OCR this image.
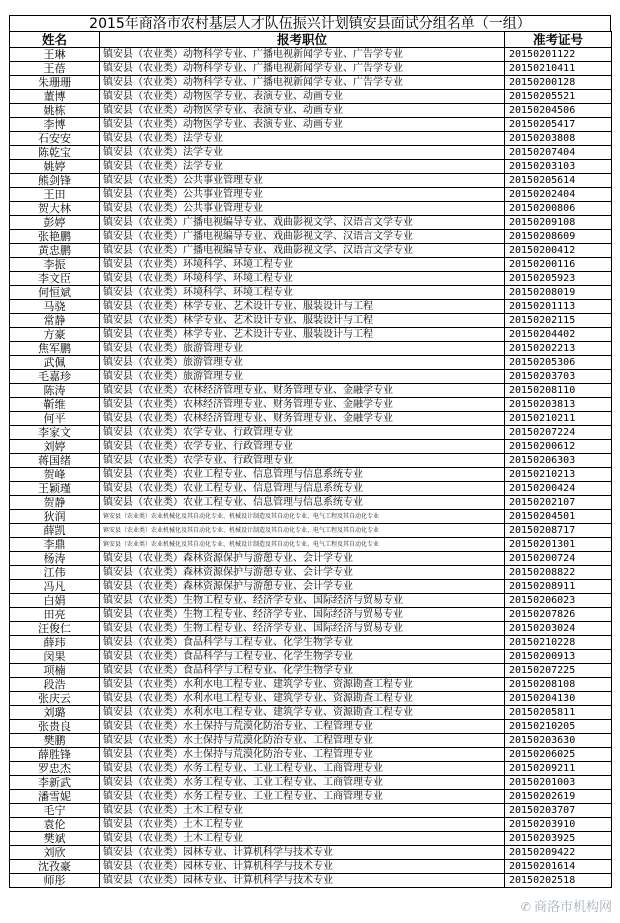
2015年商洛市农村基层人才队伍振兴计划镇安县面试分组名单（一组）
姓名	报考职位	准考证号
王琳	镇安县（农业类）动物科学专业、广播电视新闻学专业、广告学专业	20150201122
王蓓	镇安县（农业类）动物科学专业、广播电视新闻学专业、广告学专业	20150210411
朱珊珊	镇安县（农业类）动物科学专业、广播电视新闻学专业、广告学专业	20150200128
董博	镇安县（农业类）动物医学专业、表演专业、动画专业	20150205521
姚栋	镇安县（农业类）动物医学专业、表演专业、动画专业	20150204506
李博	镇安县（农业类）动物医学专业、表演专业、动画专业	20150205417
石安安	镇安县（农业类）法学专业	20150203808
陈乾宝	镇安县（农业类）法学专业	20150207404
姚婷	镇安县（农业类）法学专业	20150203103
熊剑锋	镇安县（农业类）公共事业管理专业	20150205614
王田	镇安县（农业类）公共事业管理专业	20150202404
贺大林	镇安县（农业类）公共事业管理专业	20150200806
彭婷	镇安县（农业类）广播电视编导专业、戏曲影视文学、汉语言文学专业	20150209108
张艳鹏	镇安县（农业类）广播电视编导专业、戏曲影视文学、汉语言文学专业	20150208609
黄忠鹏	镇安县（农业类）广播电视编导专业、戏曲影视文学、汉语言文学专业	20150200412
李振	镇安县（农业类）环境科学、环境工程专业	20150200116
李文臣	镇安县（农业类）环境科学、环境工程专业	20150205923
何恒斌	镇安县（农业类）环境科学、环境工程专业	20150208019
马骁	镇安县（农业类）林学专业、艺术设计专业、服装设计与工程	20150201113
常静	镇安县（农业类）林学专业、艺术设计专业、服装设计与工程	20150202115
方豪	镇安县（农业类）林学专业、艺术设计专业、服装设计与工程	20150204402
焦军鹏	镇安县（农业类）旅游管理专业	20150202213
武佩	镇安县（农业类）旅游管理专业	20150205306
毛嘉珍	镇安县（农业类）旅游管理专业	20150203703
陈涛	镇安县（农业类）农林经济管理专业、财务管理专业、金融学专业	20150208110
靳维	镇安县（农业类）农林经济管理专业、财务管理专业、金融学专业	20150203813
何平	镇安县（农业类）农林经济管理专业、财务管理专业、金融学专业	20150210211
李家文	镇安县（农业类）农学专业、行政管理专业	20150207224
刘婷	镇安县（农业类）农学专业、行政管理专业	20150200612
蒋国绪	镇安县（农业类）农学专业、行政管理专业	20150206303
贺峰	镇安县（农业类）农业工程专业、信息管理与信息系统专业	20150210213
王颖瑾	镇安县（农业类）农业工程专业、信息管理与信息系统专业	20150200424
贺静	镇安县（农业类）农业工程专业、信息管理与信息系统专业	20150202107
狄润	镇安县（农业类）农业机械化及其自动化专业、机械设计制造及其自动化专业、电气工程及其自动化专业	20150204501
薛凯	镇安县（农业类）农业机械化及其自动化专业、机械设计制造及其自动化专业、电气工程及其自动化专业	20150208717
李鼎	镇安县（农业类）农业机械化及其自动化专业、机械设计制造及其自动化专业、电气工程及其自动化专业	20150201301
杨涛	镇安县（农业类）森林资源保护与游憩专业、会计学专业	20150200724
江伟	镇安县（农业类）森林资源保护与游憩专业、会计学专业	20150208822
冯凡	镇安县（农业类）森林资源保护与游憩专业、会计学专业	20150208911
白娟	镇安县（农业类）生物工程专业、经济学专业、国际经济与贸易专业	20150206023
田亮	镇安县（农业类）生物工程专业、经济学专业、国际经济与贸易专业	20150207826
汪俊仁	镇安县（农业类）生物工程专业、经济学专业、国际经济与贸易专业	20150203024
薛玮	镇安县（农业类）食品科学与工程专业、化学生物学专业	20150210228
闵果	镇安县（农业类）食品科学与工程专业、化学生物学专业	20150200913
项楠	镇安县（农业类）食品科学与工程专业、化学生物学专业	20150207225
段浩	镇安县（农业类）水利水电工程专业、建筑学专业、资源勘查工程专业	20150208108
张庆云	镇安县（农业类）水利水电工程专业、建筑学专业、资源勘查工程专业	20150204130
刘璐	镇安县（农业类）水利水电工程专业、建筑学专业、资源勘查工程专业	20150205811
张贵良	镇安县（农业类）水土保持与荒漠化防治专业、工程管理专业	20150210205
樊鹏	镇安县（农业类）水土保持与荒漠化防治专业、工程管理专业	20150203630
薛胜锋	镇安县（农业类）水土保持与荒漠化防治专业、工程管理专业	20150206025
罗忠杰	镇安县（农业类）水务工程专业、工业工程专业、工商管理专业	20150209211
李新武	镇安县（农业类）水务工程专业、工业工程专业、工商管理专业	20150201003
潘雪妮	镇安县（农业类）水务工程专业、工业工程专业、工商管理专业	20150202619
毛宁	镇安县（农业类）土木工程专业	20150203707
袁伦	镇安县（农业类）土木工程专业	20150203910
樊斌	镇安县（农业类）土木工程专业	20150203925
刘欣	镇安县（农业类）园林专业、计算机科学与技术专业	20150209422
沈孜豪	镇安县（农业类）园林专业、计算机科学与技术专业	20150201614
师彤	镇安县（农业类）园林专业、计算机科学与技术专业	20150202518
✆ 商洛市机构网
